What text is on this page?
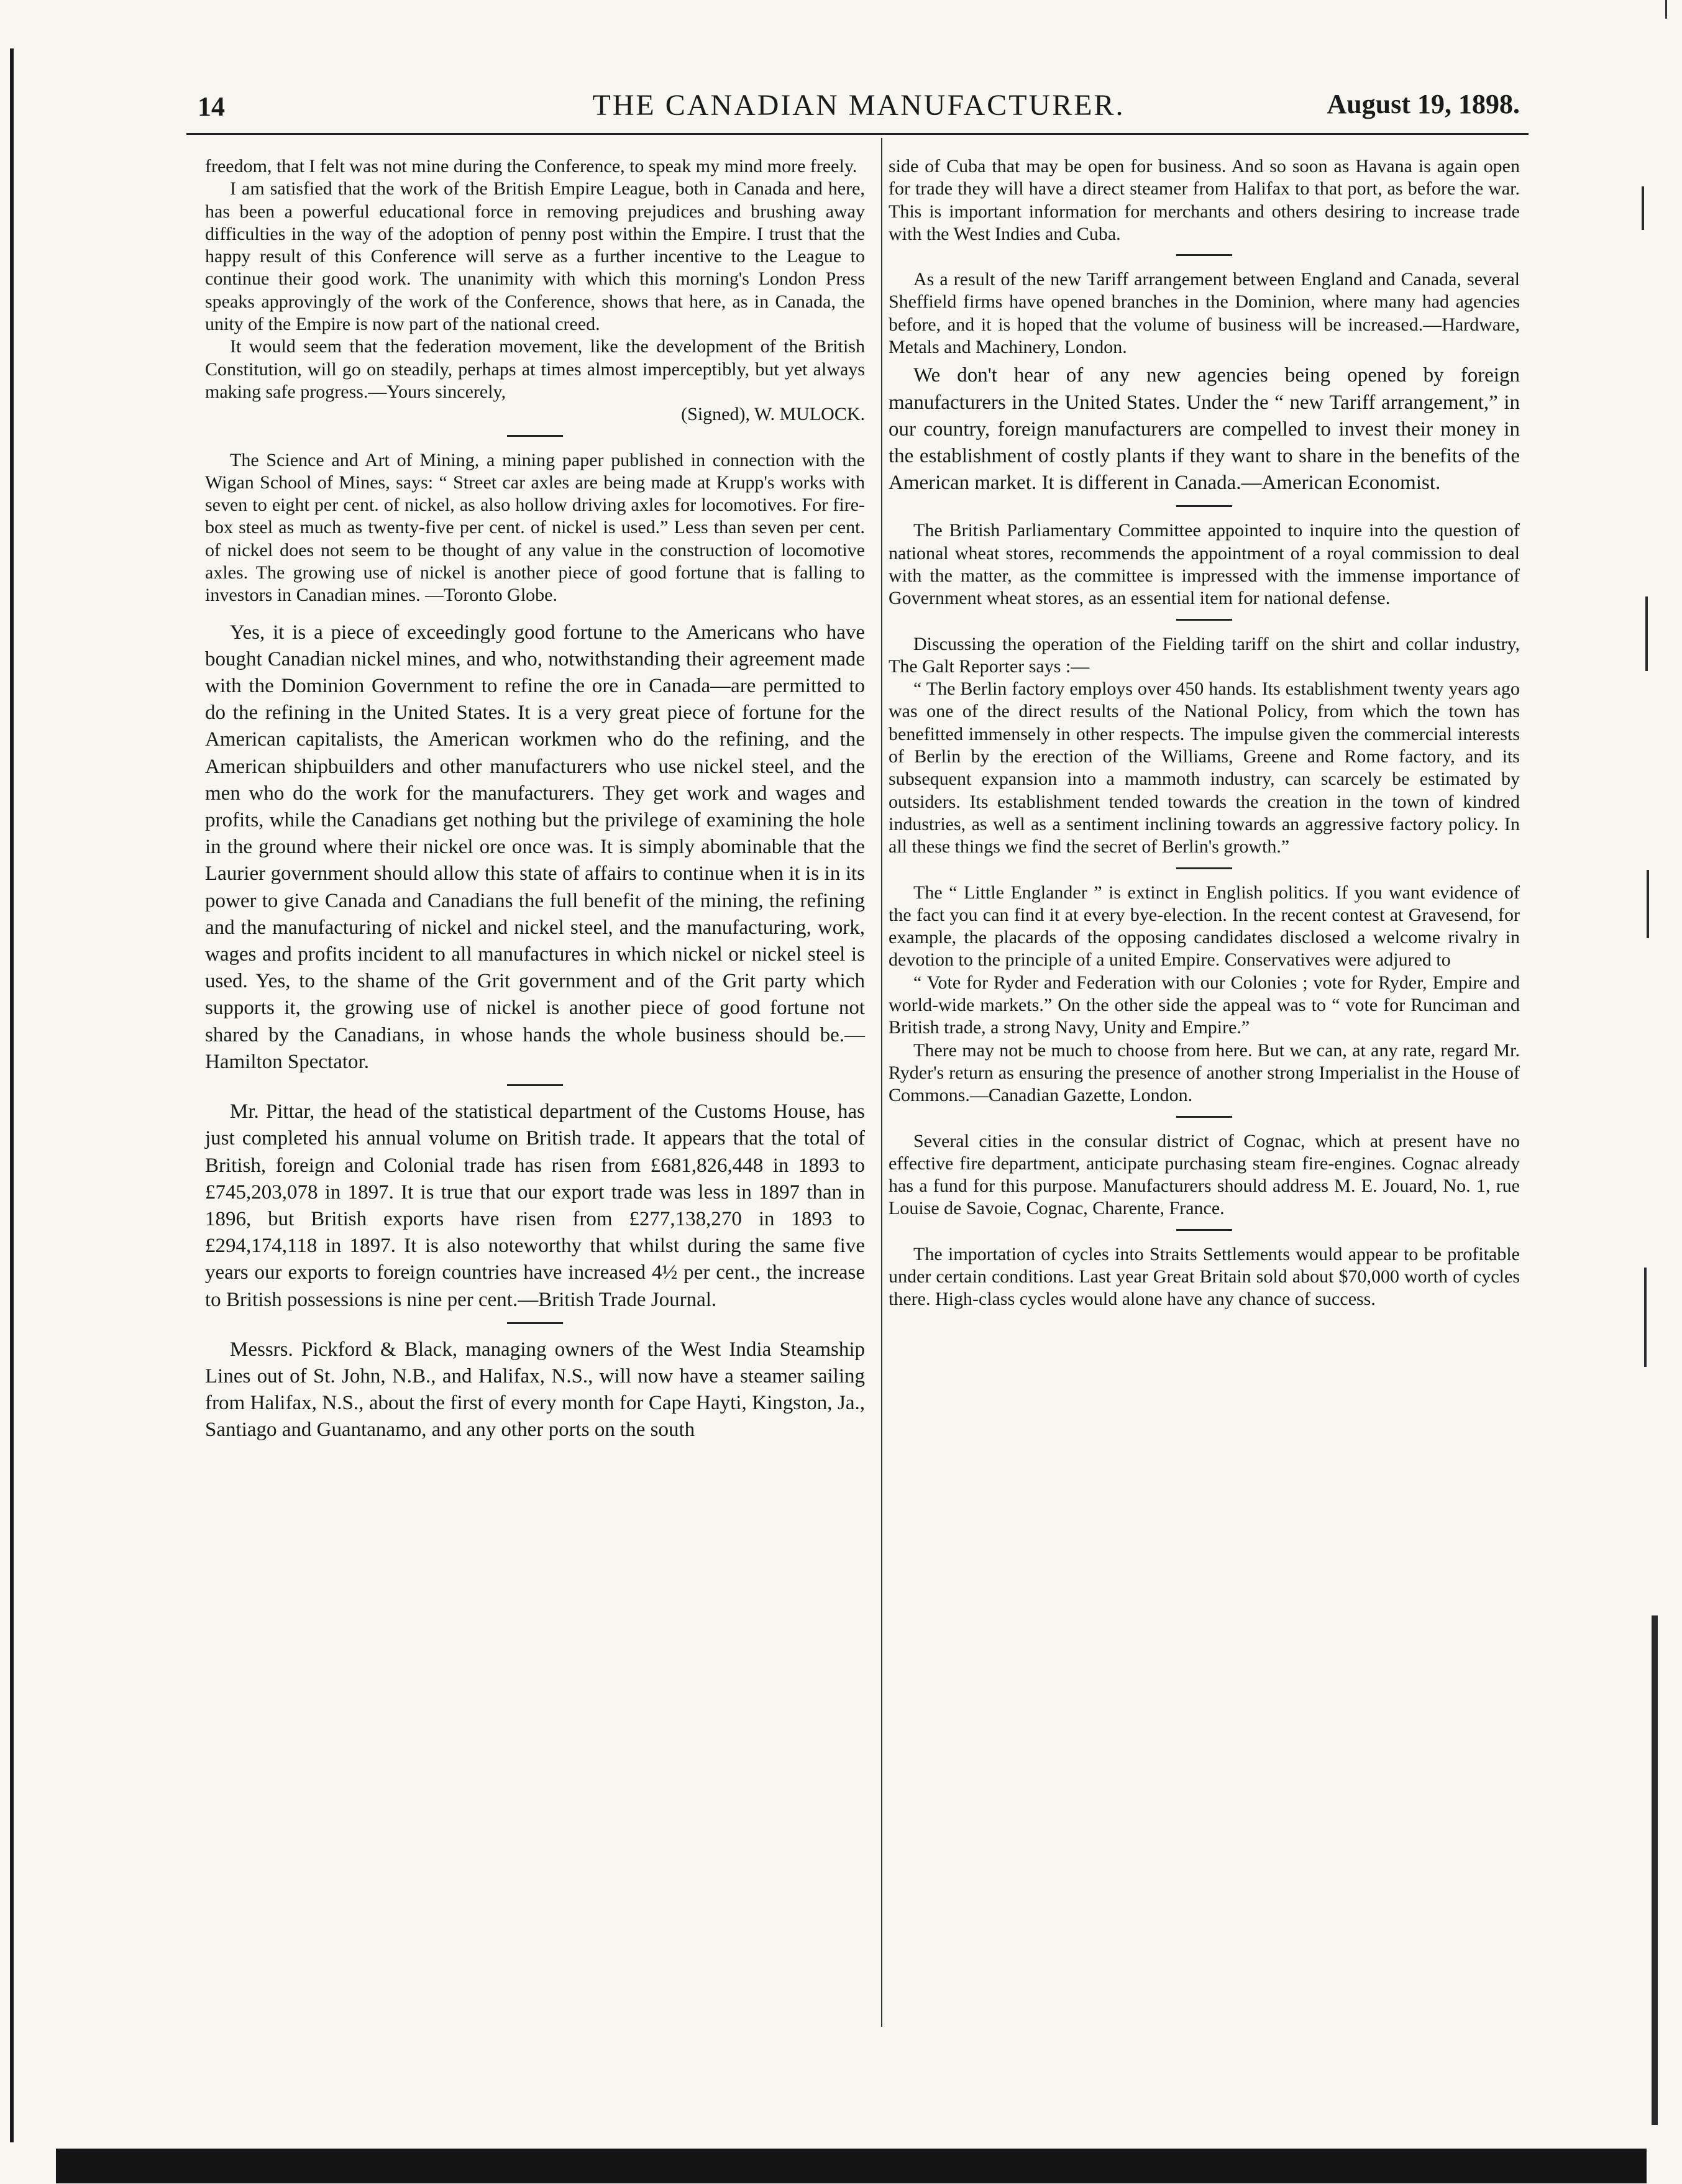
14	THE CANADIAN MANUFACTURER.	August 19, 1898.

freedom, that I felt was not mine during the Conference, to speak my mind more freely.

I am satisfied that the work of the British Empire League, both in Canada and here, has been a powerful educational force in removing prejudices and brushing away difficulties in the way of the adoption of penny post within the Empire. I trust that the happy result of this Conference will serve as a further incentive to the League to continue their good work. The unanimity with which this morning's London Press speaks approvingly of the work of the Conference, shows that here, as in Canada, the unity of the Empire is now part of the national creed.

It would seem that the federation movement, like the development of the British Constitution, will go on steadily, perhaps at times almost imperceptibly, but yet always making safe progress.—Yours sincerely,

(Signed), W. MULOCK.

The Science and Art of Mining, a mining paper published in connection with the Wigan School of Mines, says: “ Street car axles are being made at Krupp's works with seven to eight per cent. of nickel, as also hollow driving axles for locomotives. For fire-box steel as much as twenty-five per cent. of nickel is used.” Less than seven per cent. of nickel does not seem to be thought of any value in the construction of locomotive axles. The growing use of nickel is another piece of good fortune that is falling to investors in Canadian mines. —Toronto Globe.

Yes, it is a piece of exceedingly good fortune to the Americans who have bought Canadian nickel mines, and who, notwithstanding their agreement made with the Dominion Government to refine the ore in Canada—are permitted to do the refining in the United States. It is a very great piece of fortune for the American capitalists, the American workmen who do the refining, and the American shipbuilders and other manufacturers who use nickel steel, and the men who do the work for the manufacturers. They get work and wages and profits, while the Canadians get nothing but the privilege of examining the hole in the ground where their nickel ore once was. It is simply abominable that the Laurier government should allow this state of affairs to continue when it is in its power to give Canada and Canadians the full benefit of the mining, the refining and the manufacturing of nickel and nickel steel, and the manufacturing, work, wages and profits incident to all manufactures in which nickel or nickel steel is used. Yes, to the shame of the Grit government and of the Grit party which supports it, the growing use of nickel is another piece of good fortune not shared by the Canadians, in whose hands the whole business should be.—Hamilton Spectator.

Mr. Pittar, the head of the statistical department of the Customs House, has just completed his annual volume on British trade. It appears that the total of British, foreign and Colonial trade has risen from £681,826,448 in 1893 to £745,203,078 in 1897. It is true that our export trade was less in 1897 than in 1896, but British exports have risen from £277,138,270 in 1893 to £294,174,118 in 1897. It is also noteworthy that whilst during the same five years our exports to foreign countries have increased 4½ per cent., the increase to British possessions is nine per cent.—British Trade Journal.

Messrs. Pickford & Black, managing owners of the West India Steamship Lines out of St. John, N.B., and Halifax, N.S., will now have a steamer sailing from Halifax, N.S., about the first of every month for Cape Hayti, Kingston, Ja., Santiago and Guantanamo, and any other ports on the south

side of Cuba that may be open for business. And so soon as Havana is again open for trade they will have a direct steamer from Halifax to that port, as before the war. This is important information for merchants and others desiring to increase trade with the West Indies and Cuba.

As a result of the new Tariff arrangement between England and Canada, several Sheffield firms have opened branches in the Dominion, where many had agencies before, and it is hoped that the volume of business will be increased.—Hardware, Metals and Machinery, London.

We don't hear of any new agencies being opened by foreign manufacturers in the United States. Under the “ new Tariff arrangement,” in our country, foreign manufacturers are compelled to invest their money in the establishment of costly plants if they want to share in the benefits of the American market. It is different in Canada.—American Economist.

The British Parliamentary Committee appointed to inquire into the question of national wheat stores, recommends the appointment of a royal commission to deal with the matter, as the committee is impressed with the immense importance of Government wheat stores, as an essential item for national defense.

Discussing the operation of the Fielding tariff on the shirt and collar industry, The Galt Reporter says :—

“ The Berlin factory employs over 450 hands. Its establishment twenty years ago was one of the direct results of the National Policy, from which the town has benefitted immensely in other respects. The impulse given the commercial interests of Berlin by the erection of the Williams, Greene and Rome factory, and its subsequent expansion into a mammoth industry, can scarcely be estimated by outsiders. Its establishment tended towards the creation in the town of kindred industries, as well as a sentiment inclining towards an aggressive factory policy. In all these things we find the secret of Berlin's growth.”

The “ Little Englander ” is extinct in English politics. If you want evidence of the fact you can find it at every bye-election. In the recent contest at Gravesend, for example, the placards of the opposing candidates disclosed a welcome rivalry in devotion to the principle of a united Empire. Conservatives were adjured to

“ Vote for Ryder and Federation with our Colonies ; vote for Ryder, Empire and world-wide markets.” On the other side the appeal was to “ vote for Runciman and British trade, a strong Navy, Unity and Empire.”

There may not be much to choose from here. But we can, at any rate, regard Mr. Ryder's return as ensuring the presence of another strong Imperialist in the House of Commons.—Canadian Gazette, London.

Several cities in the consular district of Cognac, which at present have no effective fire department, anticipate purchasing steam fire-engines. Cognac already has a fund for this purpose. Manufacturers should address M. E. Jouard, No. 1, rue Louise de Savoie, Cognac, Charente, France.

The importation of cycles into Straits Settlements would appear to be profitable under certain conditions. Last year Great Britain sold about $70,000 worth of cycles there. High-class cycles would alone have any chance of success.
